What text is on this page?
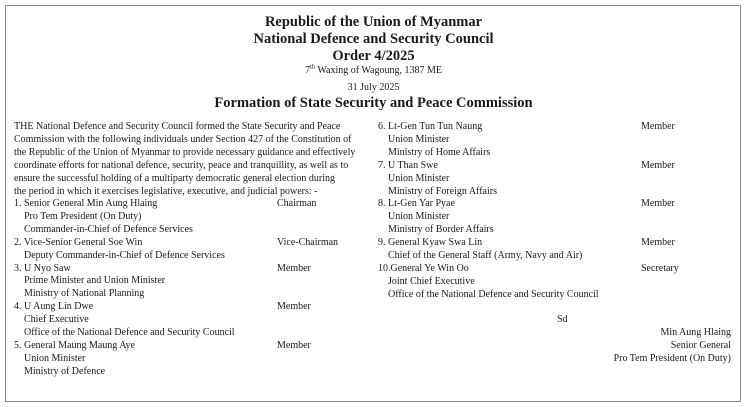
Republic of the Union of Myanmar
National Defence and Security Council
Order 4/2025
7th Waxing of Wagoung, 1387 ME
31 July 2025
Formation of State Security and Peace Commission
THE National Defence and Security Council formed the State Security and Peace
Commission with the following individuals under Section 427 of the Constitution of
the Republic of the Union of Myanmar to provide necessary guidance and effectively
coordinate efforts for national defence, security, peace and tranquillity, as well as to
ensure the successful holding of a multiparty democratic general election during
the period in which it exercises legislative, executive, and judicial powers: -
1. Senior General Min Aung Hlaing	Chairman
Pro Tem President (On Duty)
Commander-in-Chief of Defence Services
2. Vice-Senior General Soe Win	Vice-Chairman
Deputy Commander-in-Chief of Defence Services
3. U Nyo Saw	Member
Prime Minister and Union Minister
Ministry of National Planning
4. U Aung Lin Dwe	Member
Chief Executive
Office of the National Defence and Security Council
5. General Maung Maung Aye	Member
Union Minister
Ministry of Defence
6. Lt-Gen Tun Tun Naung	Member
Union Minister
Ministry of Home Affairs
7. U Than Swe	Member
Union Minister
Ministry of Foreign Affairs
8. Lt-Gen Yar Pyae	Member
Union Minister
Ministry of Border Affairs
9. General Kyaw Swa Lin	Member
Chief of the General Staff (Army, Navy and Air)
10.General Ye Win Oo	Secretary
Joint Chief Executive
Office of the National Defence and Security Council
Sd
Min Aung Hlaing
Senior General
Pro Tem President (On Duty)
